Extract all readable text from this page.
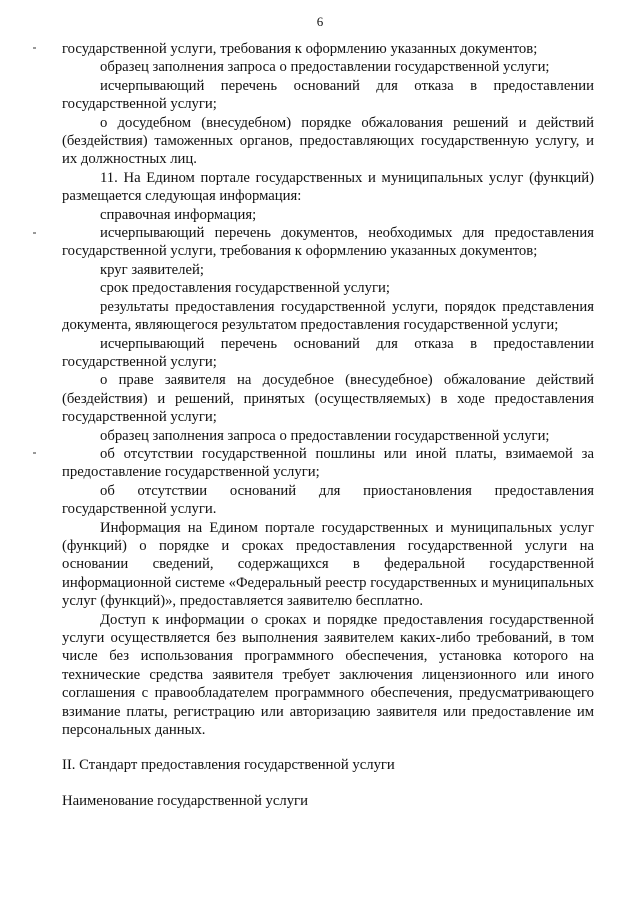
6

государственной услуги, требования к оформлению указанных документов;

образец заполнения запроса о предоставлении государственной услуги;

исчерпывающий перечень оснований для отказа в предоставлении государственной услуги;

о досудебном (внесудебном) порядке обжалования решений и действий (бездействия) таможенных органов, предоставляющих государственную услугу, и их должностных лиц.

11. На Едином портале государственных и муниципальных услуг (функций) размещается следующая информация:

справочная информация;

исчерпывающий перечень документов, необходимых для предоставления государственной услуги, требования к оформлению указанных документов;

круг заявителей;

срок предоставления государственной услуги;

результаты предоставления государственной услуги, порядок представления документа, являющегося результатом предоставления государственной услуги;

исчерпывающий перечень оснований для отказа в предоставлении государственной услуги;

о праве заявителя на досудебное (внесудебное) обжалование действий (бездействия) и решений, принятых (осуществляемых) в ходе предоставления государственной услуги;

образец заполнения запроса о предоставлении государственной услуги;

об отсутствии государственной пошлины или иной платы, взимаемой за предоставление государственной услуги;

об отсутствии оснований для приостановления предоставления государственной услуги.

Информация на Едином портале государственных и муниципальных услуг (функций) о порядке и сроках предоставления государственной услуги на основании сведений, содержащихся в федеральной государственной информационной системе «Федеральный реестр государственных и муниципальных услуг (функций)», предоставляется заявителю бесплатно.

Доступ к информации о сроках и порядке предоставления государственной услуги осуществляется без выполнения заявителем каких-либо требований, в том числе без использования программного обеспечения, установка которого на технические средства заявителя требует заключения лицензионного или иного соглашения с правообладателем программного обеспечения, предусматривающего взимание платы, регистрацию или авторизацию заявителя или предоставление им персональных данных.

II. Стандарт предоставления государственной услуги

Наименование государственной услуги
